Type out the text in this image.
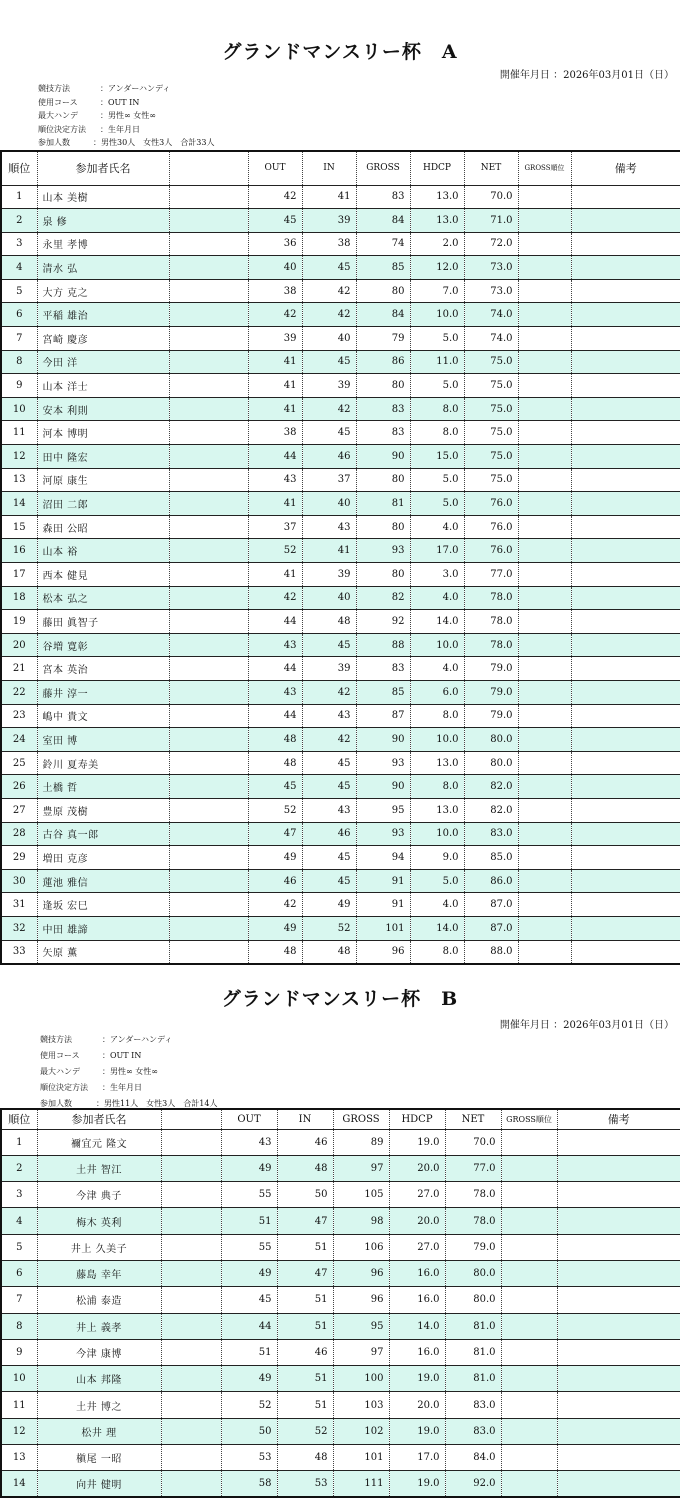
グランドマンスリー杯　A
開催年月日 ：2026年03月01日（日）
競技方法	：アンダーハンディ
使用コース	：OUT IN
最大ハンデ	：男性∞ 女性∞
順位決定方法	：生年月日
参加人数	：男性30人　女性3人　合計33人
順位	参加者氏名		OUT	IN	GROSS	HDCP	NET	GROSS順位	備考
1	山本 美樹		42	41	83	13.0	70.0		
2	泉 修		45	39	84	13.0	71.0		
3	永里 孝博		36	38	74	2.0	72.0		
4	清水 弘		40	45	85	12.0	73.0		
5	大方 克之		38	42	80	7.0	73.0		
6	平稲 雄治		42	42	84	10.0	74.0		
7	宮崎 慶彦		39	40	79	5.0	74.0		
8	今田 洋		41	45	86	11.0	75.0		
9	山本 洋士		41	39	80	5.0	75.0		
10	安本 利則		41	42	83	8.0	75.0		
11	河本 博明		38	45	83	8.0	75.0		
12	田中 隆宏		44	46	90	15.0	75.0		
13	河原 康生		43	37	80	5.0	75.0		
14	沼田 二郎		41	40	81	5.0	76.0		
15	森田 公昭		37	43	80	4.0	76.0		
16	山本 裕		52	41	93	17.0	76.0		
17	西本 健見		41	39	80	3.0	77.0		
18	松本 弘之		42	40	82	4.0	78.0		
19	藤田 眞智子		44	48	92	14.0	78.0		
20	谷増 寛彰		43	45	88	10.0	78.0		
21	宮本 英治		44	39	83	4.0	79.0		
22	藤井 淳一		43	42	85	6.0	79.0		
23	嶋中 貴文		44	43	87	8.0	79.0		
24	室田 博		48	42	90	10.0	80.0		
25	鈴川 夏寿美		48	45	93	13.0	80.0		
26	土橋 哲		45	45	90	8.0	82.0		
27	豊原 茂樹		52	43	95	13.0	82.0		
28	古谷 真一郎		47	46	93	10.0	83.0		
29	増田 克彦		49	45	94	9.0	85.0		
30	蓮池 雅信		46	45	91	5.0	86.0		
31	逢坂 宏巳		42	49	91	4.0	87.0		
32	中田 雄諦		49	52	101	14.0	87.0		
33	矢原 薫		48	48	96	8.0	88.0		
グランドマンスリー杯　B
開催年月日 ：2026年03月01日（日）
競技方法	：アンダーハンディ
使用コース	：OUT IN
最大ハンデ	：男性∞ 女性∞
順位決定方法	：生年月日
参加人数	：男性11人　女性3人　合計14人
順位	参加者氏名		OUT	IN	GROSS	HDCP	NET	GROSS順位	備考
1	禰宜元 隆文		43	46	89	19.0	70.0		
2	土井 智江		49	48	97	20.0	77.0		
3	今津 典子		55	50	105	27.0	78.0		
4	梅木 英利		51	47	98	20.0	78.0		
5	井上 久美子		55	51	106	27.0	79.0		
6	藤島 幸年		49	47	96	16.0	80.0		
7	松浦 泰造		45	51	96	16.0	80.0		
8	井上 義孝		44	51	95	14.0	81.0		
9	今津 康博		51	46	97	16.0	81.0		
10	山本 邦隆		49	51	100	19.0	81.0		
11	土井 博之		52	51	103	20.0	83.0		
12	松井 理		50	52	102	19.0	83.0		
13	槇尾 一昭		53	48	101	17.0	84.0		
14	向井 健明		58	53	111	19.0	92.0		
